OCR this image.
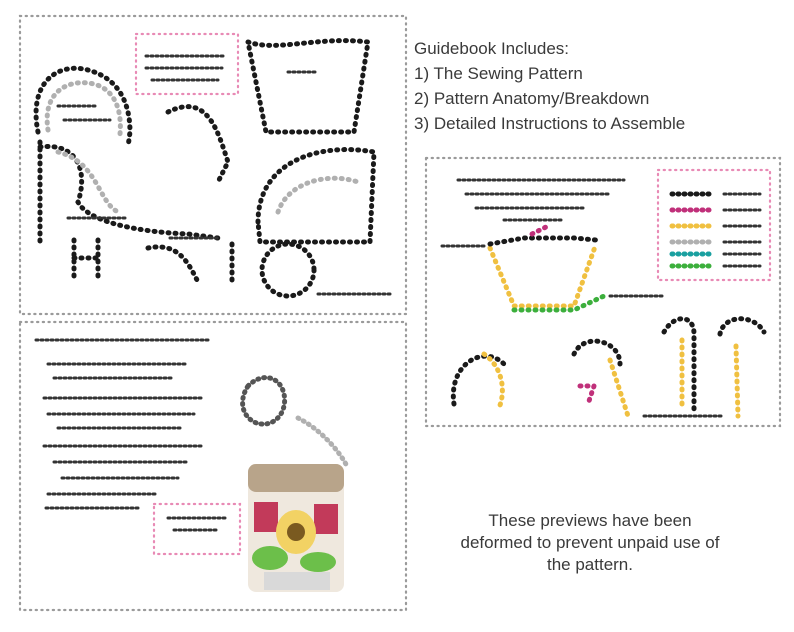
Guidebook Includes:
1) The Sewing Pattern
2) Pattern Anatomy/Breakdown
3) Detailed Instructions to Assemble
These previews have been
deformed to prevent unpaid use of
the pattern.
